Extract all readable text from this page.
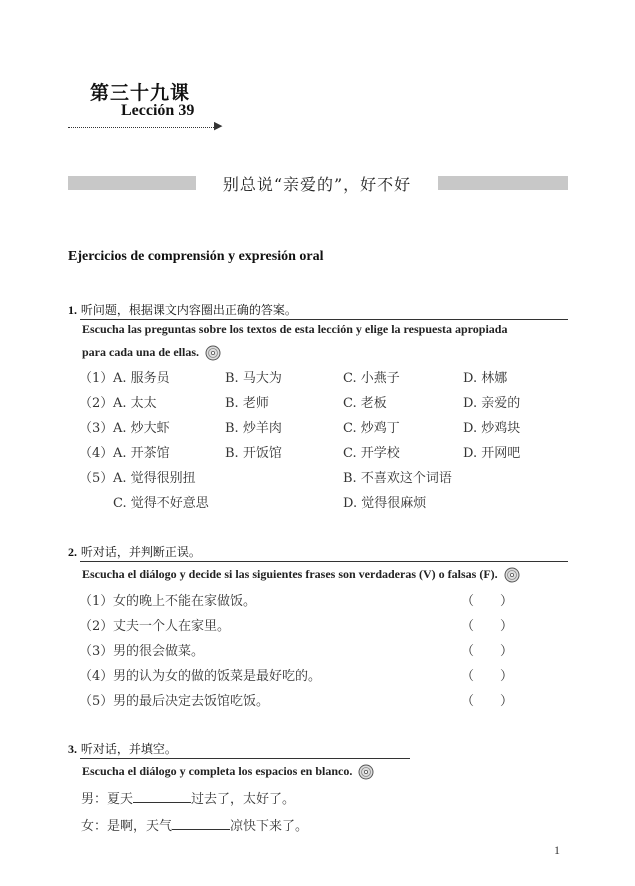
第三十九课
Lección 39
▶
别总说“亲爱的”，好不好
Ejercicios de comprensión y expresión oral
1. 听问题，根据课文内容圈出正确的答案。
Escucha las preguntas sobre los textos de esta lección y elige la respuesta apropiada
para cada una de ellas.
（1） A. 服务员	B. 马大为	C. 小燕子	D. 林娜
（2） A. 太太	B. 老师	C. 老板	D. 亲爱的
（3） A. 炒大虾	B. 炒羊肉	C. 炒鸡丁	D. 炒鸡块
（4） A. 开茶馆	B. 开饭馆	C. 开学校	D. 开网吧
（5） A. 觉得很别扭	B. 不喜欢这个词语
C. 觉得不好意思	D. 觉得很麻烦
2. 听对话，并判断正误。
Escucha el diálogo y decide si las siguientes frases son verdaderas (V) o falsas (F).
（1） 女的晚上不能在家做饭。	（　　）
（2） 丈夫一个人在家里。	（　　）
（3） 男的很会做菜。	（　　）
（4） 男的认为女的做的饭菜是最好吃的。	（　　）
（5） 男的最后决定去饭馆吃饭。	（　　）
3. 听对话，并填空。
Escucha el diálogo y completa los espacios en blanco.
男：夏天	过去了，太好了。
女：是啊，天气	凉快下来了。
1
